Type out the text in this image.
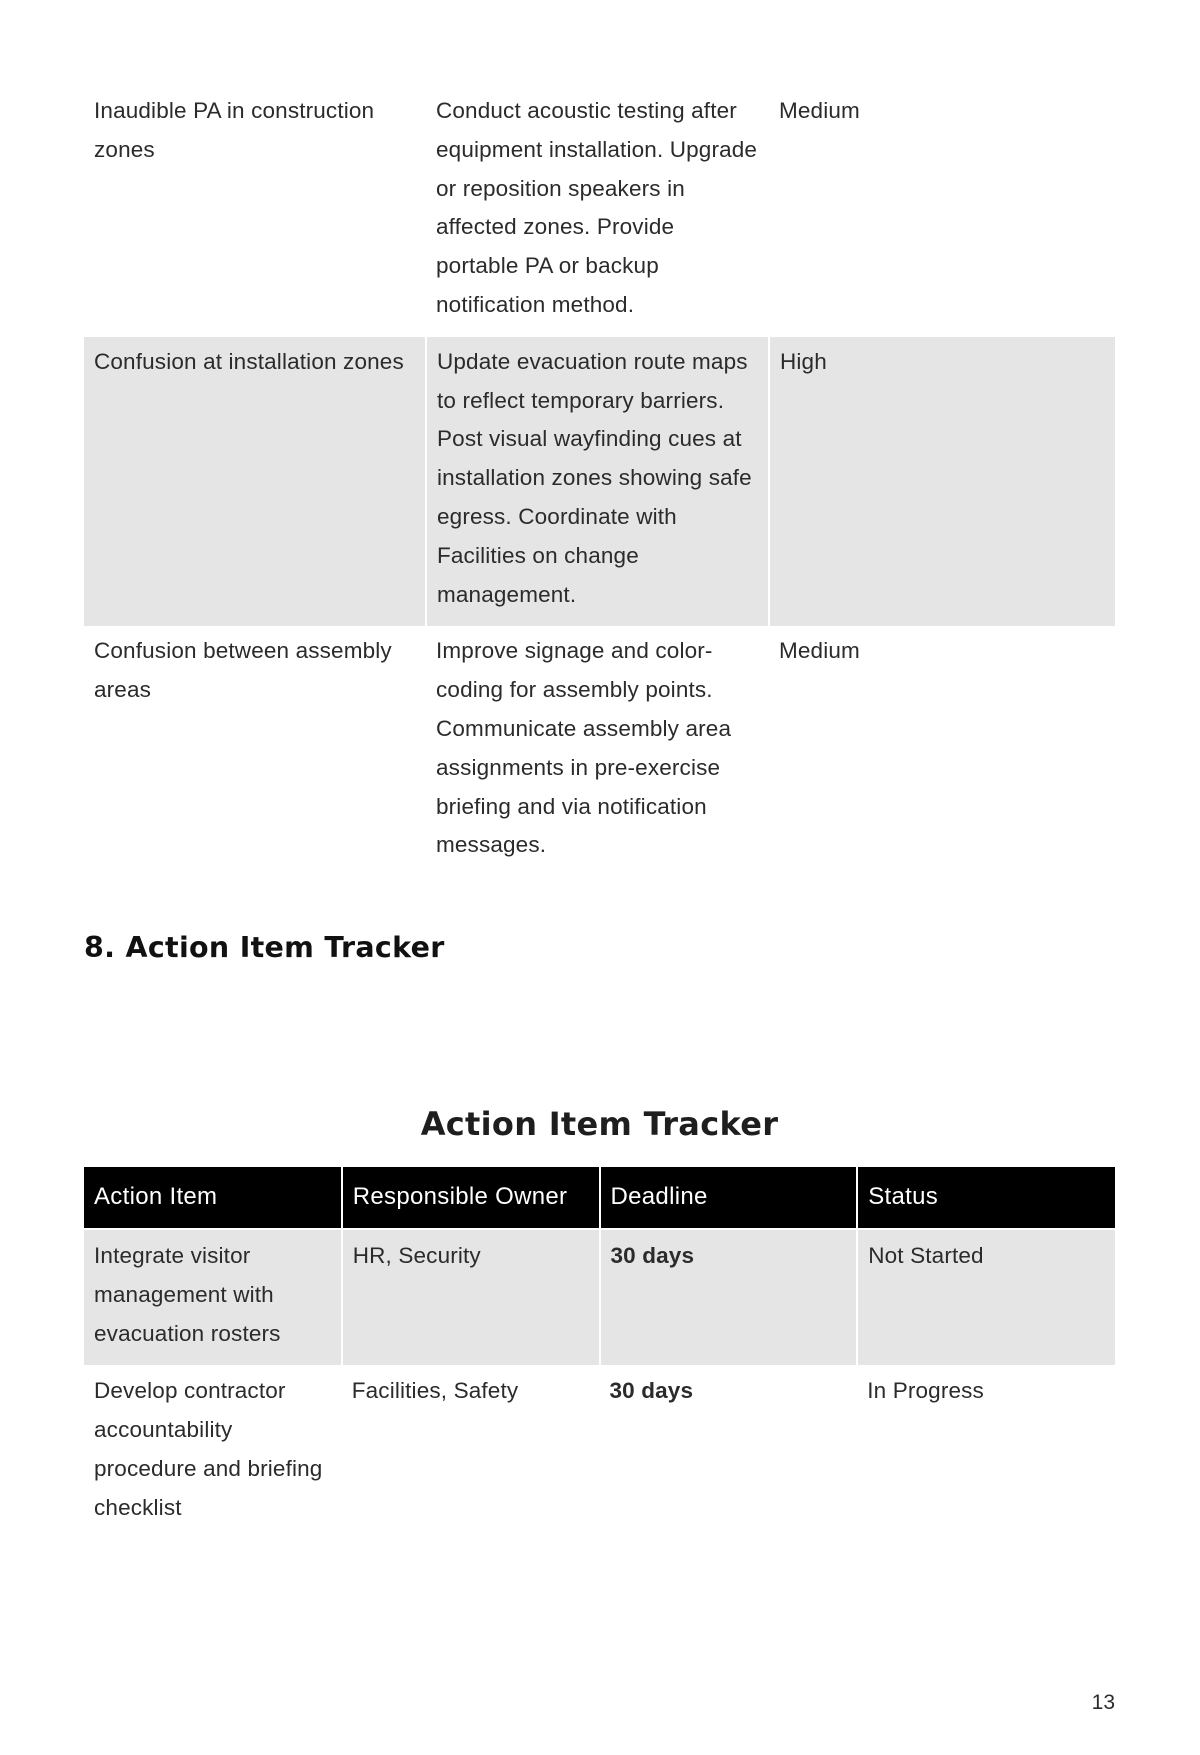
Inaudible PA in construction zones	Conduct acoustic testing after equipment installation. Upgrade or reposition speakers in affected zones. Provide portable PA or backup notification method.	Medium
Confusion at installation zones	Update evacuation route maps to reflect temporary barriers. Post visual wayfinding cues at installation zones showing safe egress. Coordinate with Facilities on change management.	High
Confusion between assembly areas	Improve signage and color-coding for assembly points. Communicate assembly area assignments in pre-exercise briefing and via notification messages.	Medium
8. Action Item Tracker
Action Item Tracker
Action Item	Responsible Owner	Deadline	Status
Integrate visitor management with evacuation rosters	HR, Security	30 days	Not Started
Develop contractor accountability procedure and briefing checklist	Facilities, Safety	30 days	In Progress
13
